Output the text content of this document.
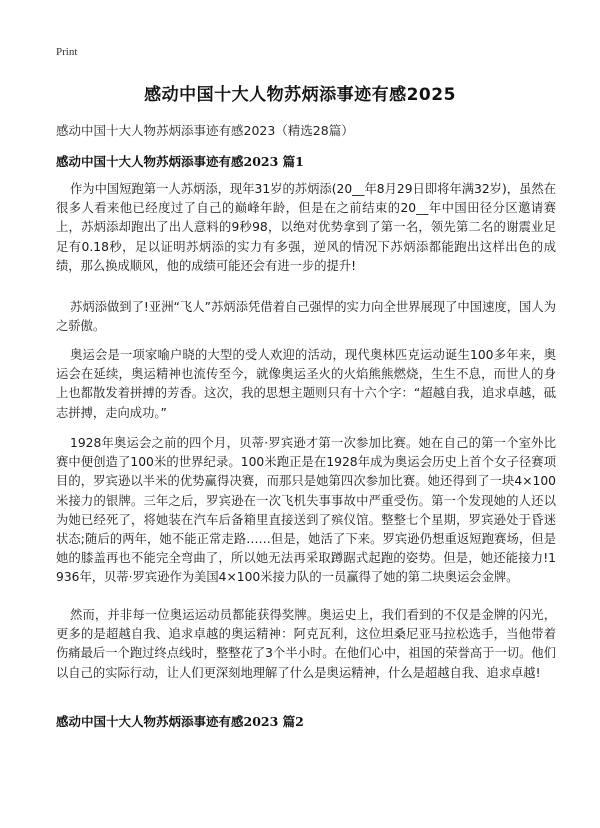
Print
感动中国十大人物苏炳添事迹有感2025
感动中国十大人物苏炳添事迹有感2023（精选28篇）
感动中国十大人物苏炳添事迹有感2023 篇1

作为中国短跑第一人苏炳添，现年31岁的苏炳添(20__年8月29日即将年满32岁)，虽然在很多人看来他已经度过了自己的巅峰年龄，但是在之前结束的20__年中国田径分区邀请赛上，苏炳添却跑出了出人意料的9秒98，以绝对优势拿到了第一名，领先第二名的谢震业足足有0.18秒，足以证明苏炳添的实力有多强，逆风的情况下苏炳添都能跑出这样出色的成绩，那么换成顺风，他的成绩可能还会有进一步的提升!

苏炳添做到了!亚洲“飞人”苏炳添凭借着自己强悍的实力向全世界展现了中国速度，国人为之骄傲。

奥运会是一项家喻户晓的大型的受人欢迎的活动，现代奥林匹克运动诞生100多年来，奥运会在延续，奥运精神也流传至今，就像奥运圣火的火焰熊熊燃烧，生生不息，而世人的身上也都散发着拼搏的芳香。这次，我的思想主题则只有十六个字：“超越自我，追求卓越，砥志拼搏，走向成功。”

1928年奥运会之前的四个月，贝蒂·罗宾逊才第一次参加比赛。她在自己的第一个室外比赛中便创造了100米的世界纪录。100米跑正是在1928年成为奥运会历史上首个女子径赛项目的，罗宾逊以半米的优势赢得决赛，而那只是她第四次参加比赛。她还得到了一块4×100米接力的银牌。三年之后，罗宾逊在一次飞机失事事故中严重受伤。第一个发现她的人还以为她已经死了，将她装在汽车后备箱里直接送到了殡仪馆。整整七个星期，罗宾逊处于昏迷状态;随后的两年，她不能正常走路……但是，她活了下来。罗宾逊仍想重返短跑赛场，但是她的膝盖再也不能完全弯曲了，所以她无法再采取蹲踞式起跑的姿势。但是，她还能接力!1936年，贝蒂·罗宾逊作为美国4×100米接力队的一员赢得了她的第二块奥运会金牌。

然而，并非每一位奥运运动员都能获得奖牌。奥运史上，我们看到的不仅是金牌的闪光，更多的是超越自我、追求卓越的奥运精神：阿克瓦利，这位坦桑尼亚马拉松选手，当他带着伤痛最后一个跑过终点线时，整整花了3个半小时。在他们心中，祖国的荣誉高于一切。他们以自己的实际行动，让人们更深刻地理解了什么是奥运精神，什么是超越自我、追求卓越!

感动中国十大人物苏炳添事迹有感2023 篇2
